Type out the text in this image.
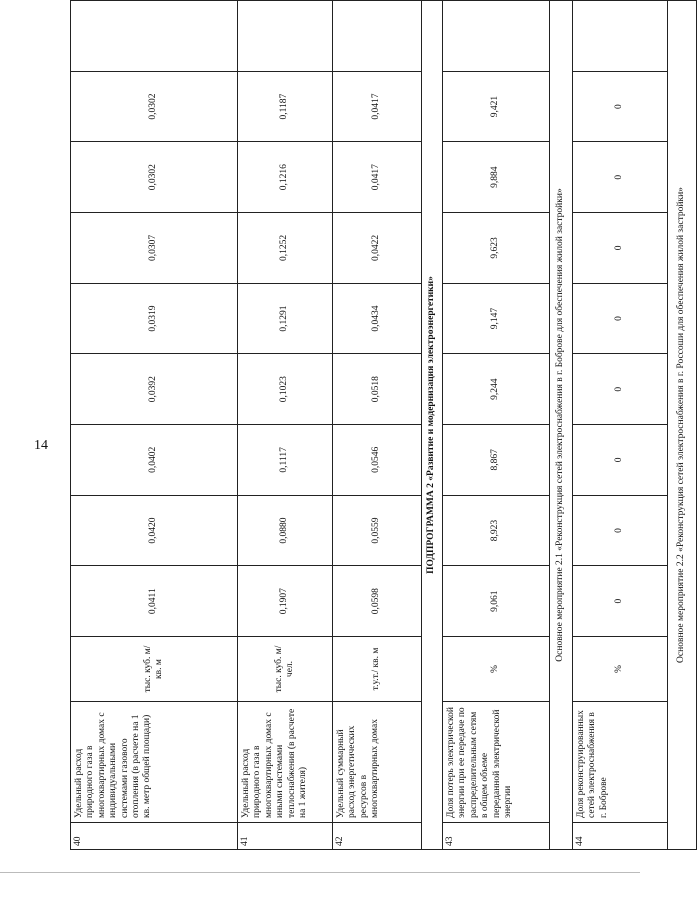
14
40	Удельный расход природного газа в многоквартирных домах с индивидуальными системами газового отопления (в расчете на 1 кв. метр общей площади)	тыс. куб. м/ кв. м	0,0411	0,0420	0,0402	0,0392	0,0319	0,0307	0,0302	0,0302	
41	Удельный расход природного газа в многоквартирных домах с иными системами теплоснабжения (в расчете на 1 жителя)	тыс. куб. м/ чел.	0,1907	0,0880	0,1117	0,1023	0,1291	0,1252	0,1216	0,1187	
42	Удельный суммарный расход энергетических ресурсов в многоквартирных домах	т.у.т./ кв. м	0,0598	0,0559	0,0546	0,0518	0,0434	0,0422	0,0417	0,0417	
ПОДПРОГРАММА 2 «Развитие и модернизация электроэнергетики»											
43	Доля потерь электрической энергии при ее передаче по распределительным сетям в общем объеме переданной электрической энергии	%	9,061	8,923	8,867	9,244	9,147	9,623	9,884	9,421	
Основное мероприятие 2.1 «Реконструкция сетей электроснабжения в г. Боброве для обеспечения жилой застройки»											
44	Доля реконструированных сетей электроснабжения в г. Боброве	%	0	0	0	0	0	0	0	0	
Основное мероприятие 2.2 «Реконструкция сетей электроснабжения в г. Россоши для обеспечения жилой застройки»											
